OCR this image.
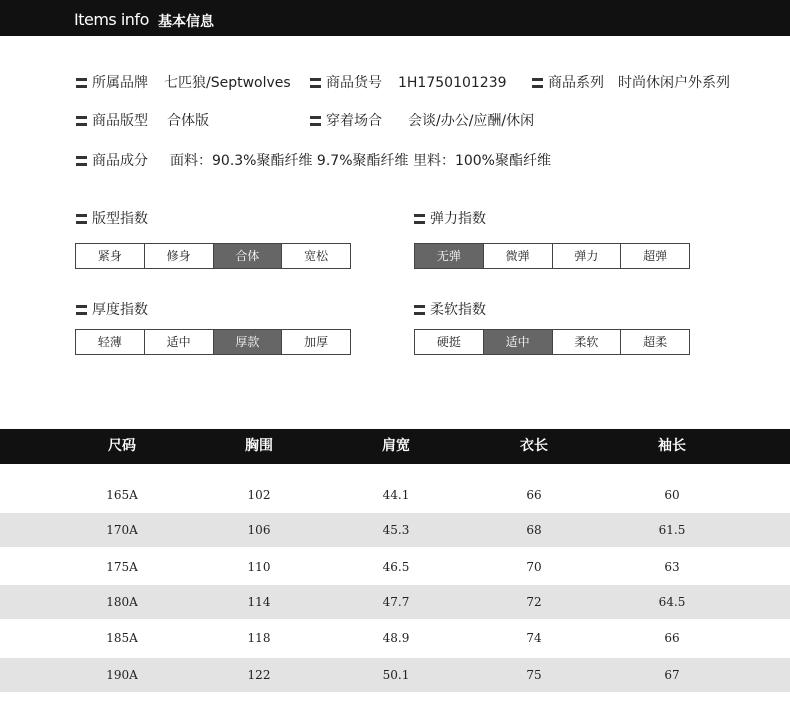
Items info 基本信息
所属品牌 七匹狼/Septwolves	商品货号 1H1750101239	商品系列 时尚休闲户外系列
商品版型 合体版	穿着场合 会谈/办公/应酬/休闲
商品成分 面料：90.3%聚酯纤维 9.7%聚酯纤维 里料：100%聚酯纤维
版型指数
紧身	修身	合体	宽松
弹力指数
无弹	微弹	弹力	超弹
厚度指数
轻薄	适中	厚款	加厚
柔软指数
硬挺	适中	柔软	超柔
尺码	胸围	肩宽	衣长	袖长
165A	102	44.1	66	60
170A	106	45.3	68	61.5
175A	110	46.5	70	63
180A	114	47.7	72	64.5
185A	118	48.9	74	66
190A	122	50.1	75	67
